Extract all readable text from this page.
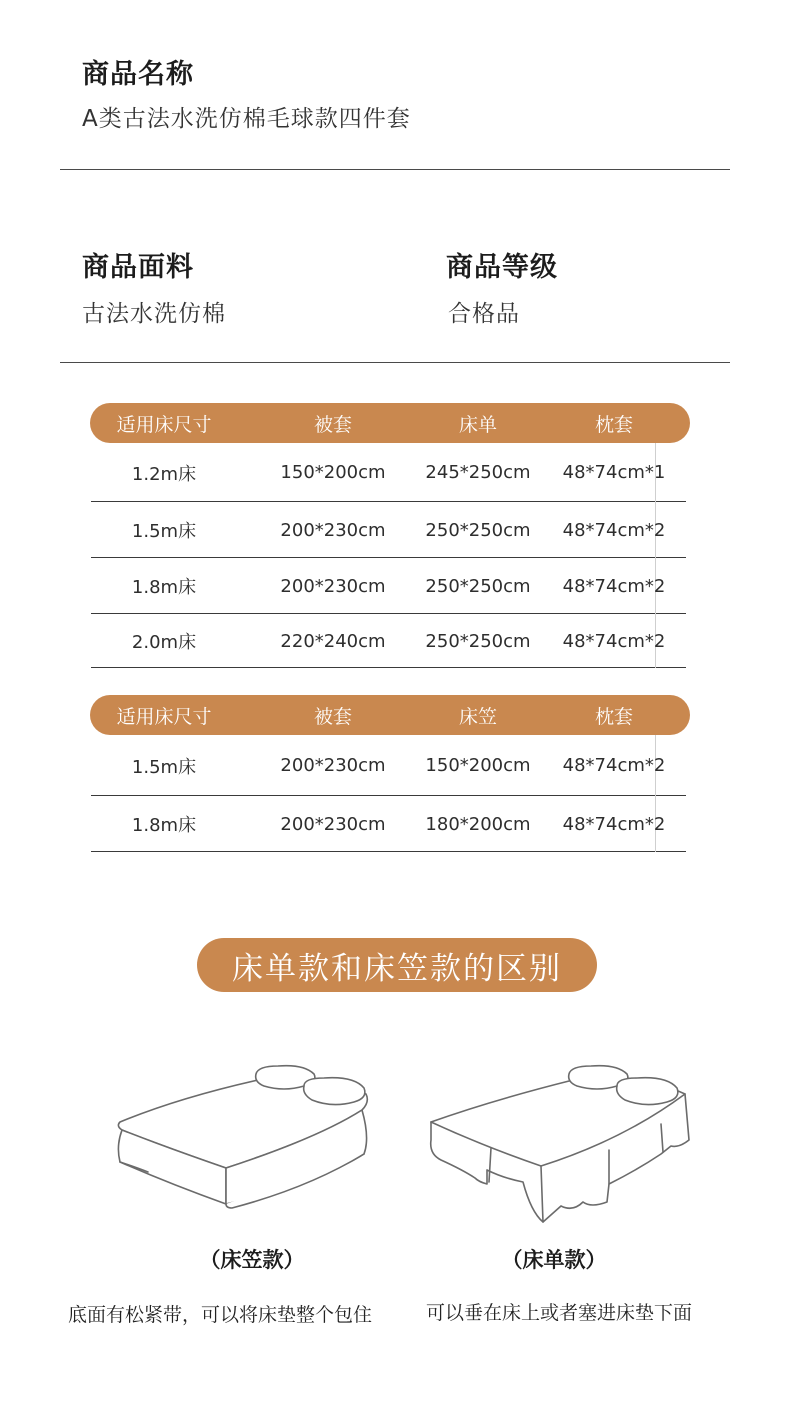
商品名称
A类古法水洗仿棉毛球款四件套
商品面料
古法水洗仿棉
商品等级
合格品
适用床尺寸	被套	床单	枕套
1.2m床	150*200cm	245*250cm	48*74cm*1
1.5m床	200*230cm	250*250cm	48*74cm*2
1.8m床	200*230cm	250*250cm	48*74cm*2
2.0m床	220*240cm	250*250cm	48*74cm*2
适用床尺寸	被套	床笠	枕套
1.5m床	200*230cm	150*200cm	48*74cm*2
1.8m床	200*230cm	180*200cm	48*74cm*2
床单款和床笠款的区别
（床笠款）	（床单款）
底面有松紧带，可以将床垫整个包住	可以垂在床上或者塞进床垫下面
